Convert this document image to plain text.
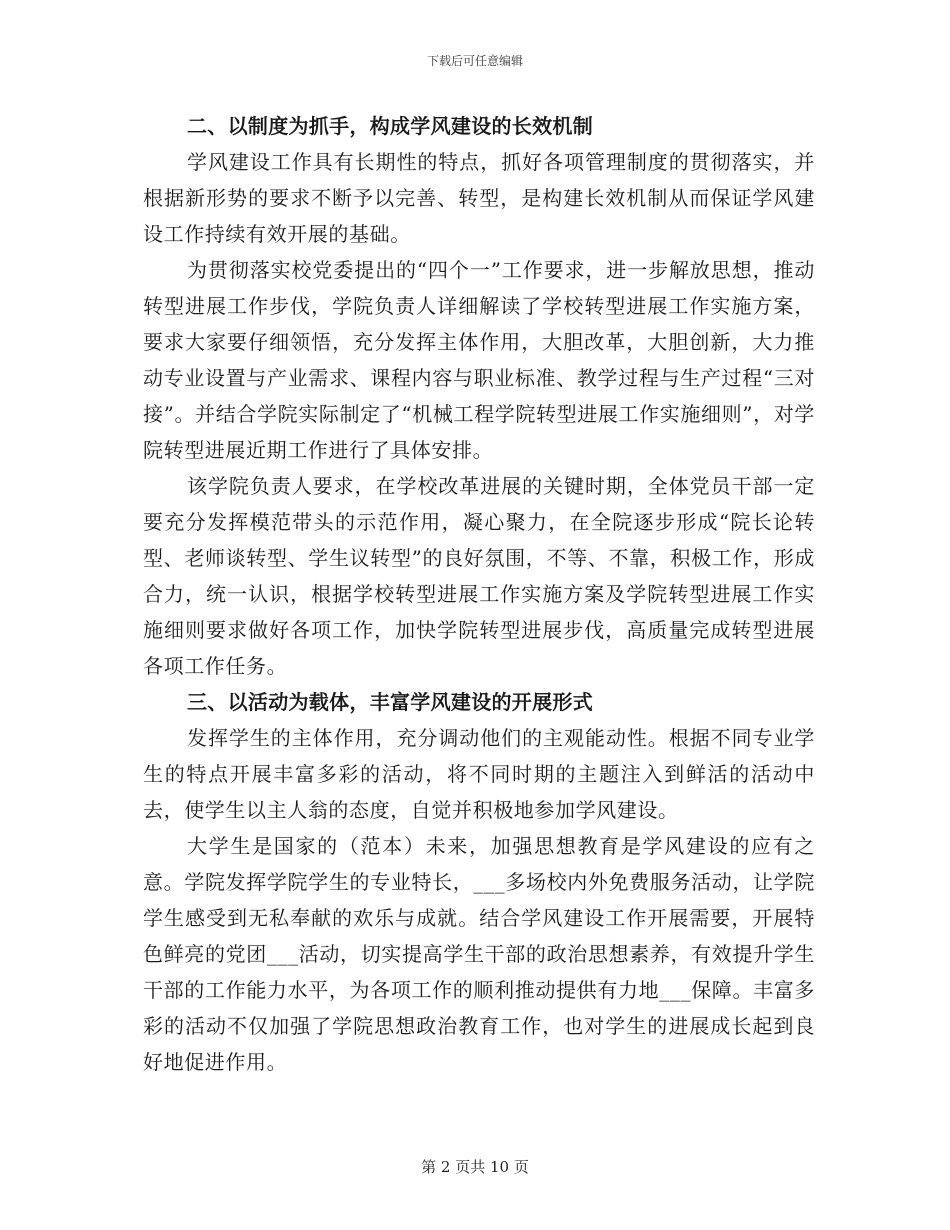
下载后可任意编辑

二、以制度为抓手，构成学风建设的长效机制

学风建设工作具有长期性的特点，抓好各项管理制度的贯彻落实，并根据新形势的要求不断予以完善、转型，是构建长效机制从而保证学风建设工作持续有效开展的基础。

为贯彻落实校党委提出的“四个一”工作要求，进一步解放思想，推动转型进展工作步伐，学院负责人详细解读了学校转型进展工作实施方案，要求大家要仔细领悟，充分发挥主体作用，大胆改革，大胆创新，大力推动专业设置与产业需求、课程内容与职业标准、教学过程与生产过程“三对接”。并结合学院实际制定了“机械工程学院转型进展工作实施细则”，对学院转型进展近期工作进行了具体安排。

该学院负责人要求，在学校改革进展的关键时期，全体党员干部一定要充分发挥模范带头的示范作用，凝心聚力，在全院逐步形成“院长论转型、老师谈转型、学生议转型”的良好氛围，不等、不靠，积极工作，形成合力，统一认识，根据学校转型进展工作实施方案及学院转型进展工作实施细则要求做好各项工作，加快学院转型进展步伐，高质量完成转型进展各项工作任务。

三、以活动为载体，丰富学风建设的开展形式

发挥学生的主体作用，充分调动他们的主观能动性。根据不同专业学生的特点开展丰富多彩的活动，将不同时期的主题注入到鲜活的活动中去，使学生以主人翁的态度，自觉并积极地参加学风建设。

大学生是国家的（范本）未来，加强思想教育是学风建设的应有之意。学院发挥学院学生的专业特长，___多场校内外免费服务活动，让学院学生感受到无私奉献的欢乐与成就。结合学风建设工作开展需要，开展特色鲜亮的党团___活动，切实提高学生干部的政治思想素养，有效提升学生干部的工作能力水平，为各项工作的顺利推动提供有力地___保障。丰富多彩的活动不仅加强了学院思想政治教育工作，也对学生的进展成长起到良好地促进作用。

第 2 页共 10 页
